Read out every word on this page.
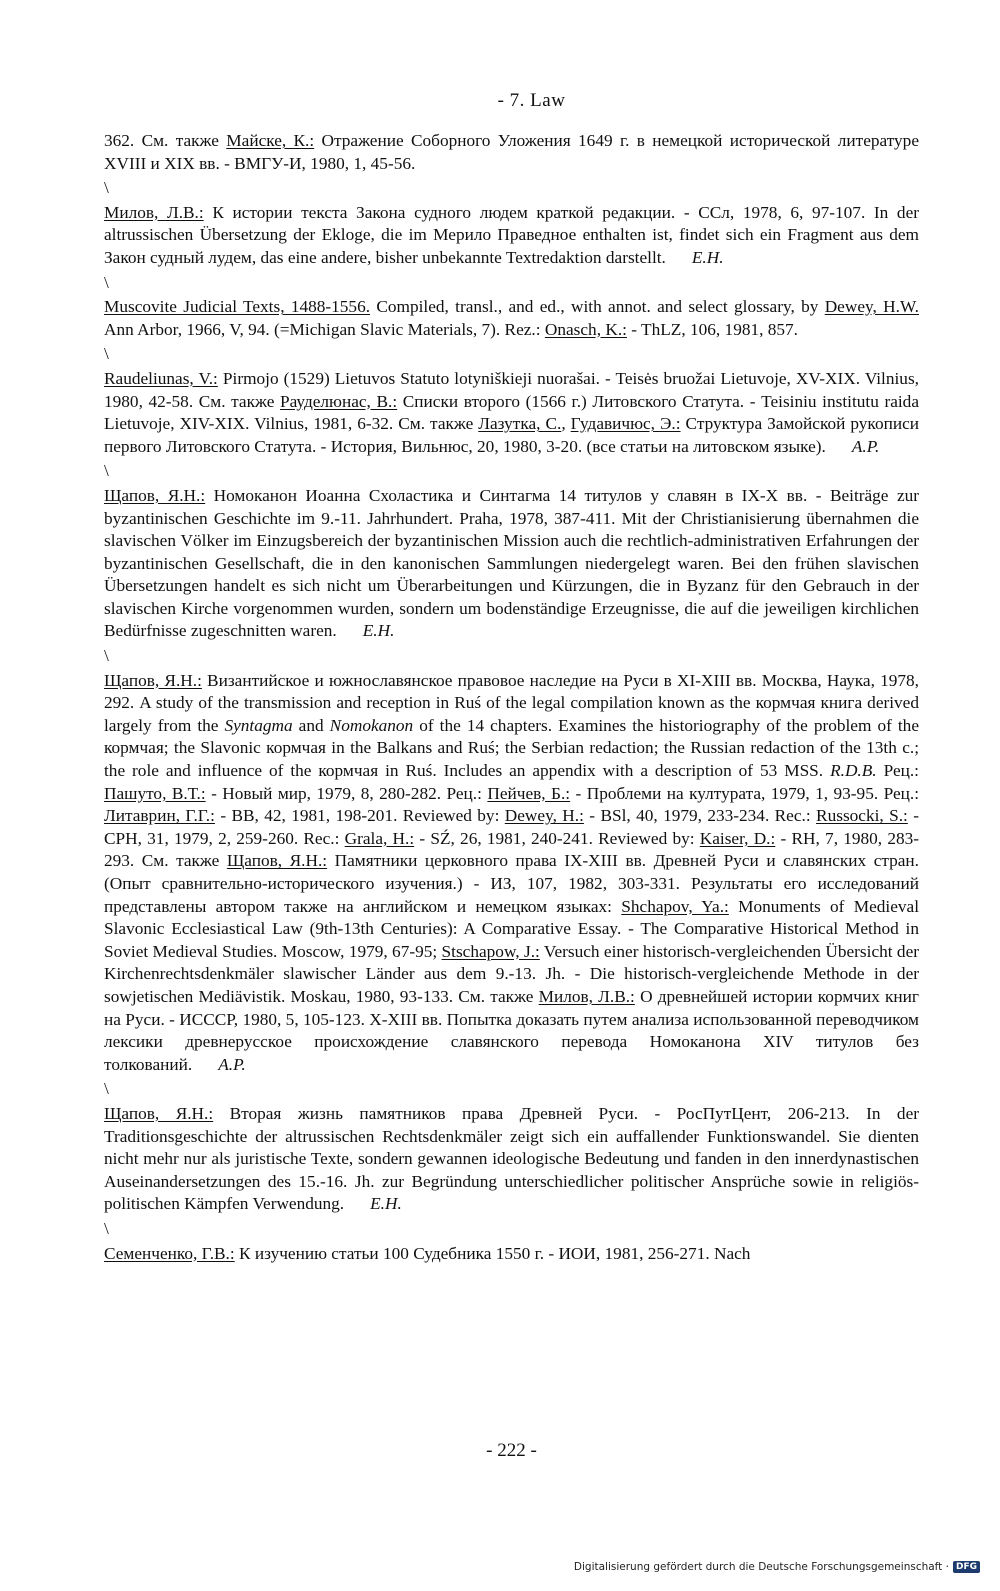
- 7. Law

362. См. также Майске, К.: Отражение Соборного Уложения 1649 г. в немецкой исторической литературе XVIII и XIX вв. - ВМГУ-И, 1980, 1, 45-56.

\

Милов, Л.В.: К истории текста Закона судного людем краткой редакции. - ССл, 1978, 6, 97-107. In der altrussischen Übersetzung der Ekloge, die im Мерило Праведное enthalten ist, findet sich ein Fragment aus dem Закон судный лудем, das eine andere, bisher unbekannte Textredaktion darstellt. E.H.

\

Muscovite Judicial Texts, 1488-1556. Compiled, transl., and ed., with annot. and select glossary, by Dewey, H.W. Ann Arbor, 1966, V, 94. (=Michigan Slavic Materials, 7). Rez.: Onasch, K.: - ThLZ, 106, 1981, 857.

\

Raudeliunas, V.: Pirmojo (1529) Lietuvos Statuto lotyniškieji nuorašai. - Teisės bruožai Lietuvoje, XV-XIX. Vilnius, 1980, 42-58. См. также Рауделюнас, В.: Списки второго (1566 г.) Литовского Статута. - Teisiniu institutu raida Lietuvoje, XIV-XIX. Vilnius, 1981, 6-32. См. также Лазутка, С., Гудавичюс, Э.: Структура Замойской рукописи первого Литовского Статута. - История, Вильнюс, 20, 1980, 3-20. (все статьи на литовском языке). A.P.

\

Щапов, Я.Н.: Номоканон Иоанна Схоластика и Синтагма 14 титулов у славян в IX-X вв. - Beiträge zur byzantinischen Geschichte im 9.-11. Jahrhundert. Praha, 1978, 387-411. Mit der Christianisierung übernahmen die slavischen Völker im Einzugsbereich der byzantinischen Mission auch die rechtlich-administrativen Erfahrungen der byzantinischen Gesellschaft, die in den kanonischen Sammlungen niedergelegt waren. Bei den frühen slavischen Übersetzungen handelt es sich nicht um Überarbeitungen und Kürzungen, die in Byzanz für den Gebrauch in der slavischen Kirche vorgenommen wurden, sondern um bodenständige Erzeugnisse, die auf die jeweiligen kirchlichen Bedürfnisse zugeschnitten waren. E.H.

\

Щапов, Я.Н.: Византийское и южнославянское правовое наследие на Руси в XI-XIII вв. Москва, Наука, 1978, 292. A study of the transmission and reception in Ruś of the legal compilation known as the кормчая книга derived largely from the Syntagma and Nomokanon of the 14 chapters. Examines the historiography of the problem of the кормчая; the Slavonic кормчая in the Balkans and Ruś; the Serbian redaction; the Russian redaction of the 13th c.; the role and influence of the кормчая in Ruś. Includes an appendix with a description of 53 MSS. R.D.B. Рец.: Пашуто, В.Т.: - Новый мир, 1979, 8, 280-282. Рец.: Пейчев, Б.: - Проблеми на културата, 1979, 1, 93-95. Рец.: Литаврин, Г.Г.: - ВВ, 42, 1981, 198-201. Reviewed by: Dewey, H.: - BSl, 40, 1979, 233-234. Rec.: Russocki, S.: - CPH, 31, 1979, 2, 259-260. Rec.: Grala, H.: - SŹ, 26, 1981, 240-241. Reviewed by: Kaiser, D.: - RH, 7, 1980, 283-293. См. также Щапов, Я.Н.: Памятники церковного права IX-XIII вв. Древней Руси и славянских стран. (Опыт сравнительно-исторического изучения.) - ИЗ, 107, 1982, 303-331. Результаты его исследований представлены автором также на английском и немецком языках: Shchapov, Ya.: Monuments of Medieval Slavonic Ecclesiastical Law (9th-13th Centuries): A Comparative Essay. - The Comparative Historical Method in Soviet Medieval Studies. Moscow, 1979, 67-95; Stschapow, J.: Versuch einer historisch-vergleichenden Übersicht der Kirchenrechtsdenkmäler slawischer Länder aus dem 9.-13. Jh. - Die historisch-vergleichende Methode in der sowjetischen Mediävistik. Moskau, 1980, 93-133. См. также Милов, Л.В.: О древнейшей истории кормчих книг на Руси. - ИССCР, 1980, 5, 105-123. X-XIII вв. Попытка доказать путем анализа использованной переводчиком лексики древнерусское происхождение славянского перевода Номоканона XIV титулов без толкований. A.P.

\

Щапов, Я.Н.: Вторая жизнь памятников права Древней Руси. - РосПутЦент, 206-213. In der Traditionsgeschichte der altrussischen Rechtsdenkmäler zeigt sich ein auffallender Funktionswandel. Sie dienten nicht mehr nur als juristische Texte, sondern gewannen ideologische Bedeutung und fanden in den innerdynastischen Auseinandersetzungen des 15.-16. Jh. zur Begründung unterschiedlicher politischer Ansprüche sowie in religiös-politischen Kämpfen Verwendung. E.H.

\

Семенченко, Г.В.: К изучению статьи 100 Судебника 1550 г. - ИОИ, 1981, 256-271. Nach

- 222 -
Digitalisierung gefördert durch die Deutsche Forschungsgemeinschaft · DFG
